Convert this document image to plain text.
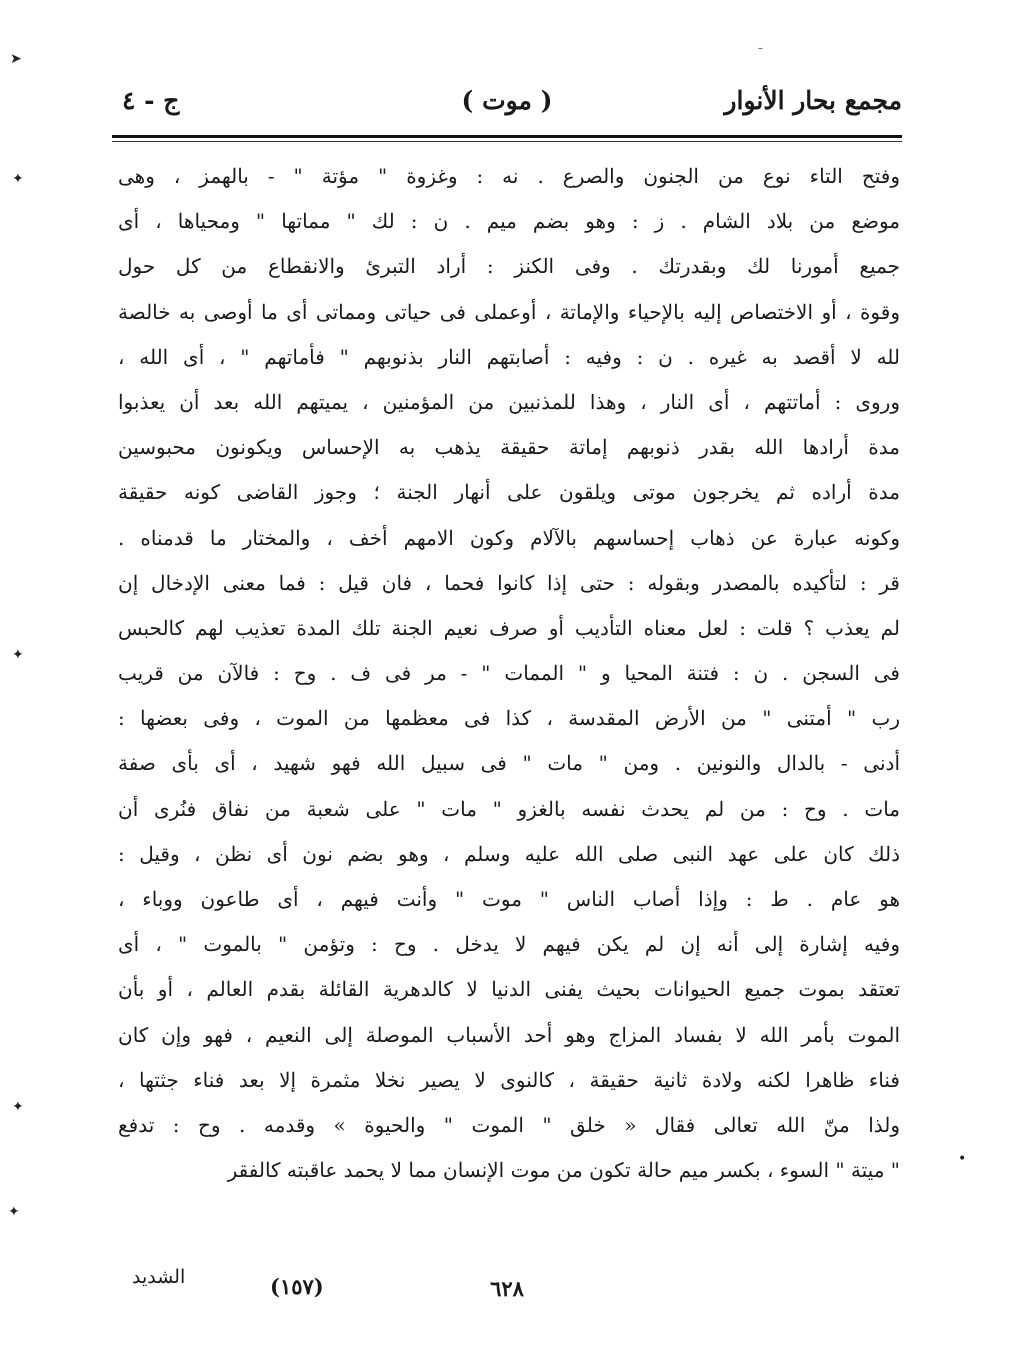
مجمع بحار الأنوار
( موت )
ج - ٤
وفتح التاء نوع من الجنون والصرع . نه : وغزوة " مؤتة " - بالهمز ، وهى
موضع من بلاد الشام . ز : وهو بضم ميم . ن : لك " مماتها " ومحياها ، أى
جميع أمورنا لك وبقدرتك . وفى الكنز : أراد التبرئ والانقطاع من كل حول
وقوة ، أو الاختصاص إليه بالإحياء والإماتة ، أوعملى فى حياتى ومماتى أى ما أوصى به خالصة
لله لا أقصد به غيره . ن : وفيه : أصابتهم النار بذنوبهم " فأماتهم " ، أى الله ،
وروى : أماتتهم ، أى النار ، وهذا للمذنبين من المؤمنين ، يميتهم الله بعد أن يعذبوا
مدة أرادها الله بقدر ذنوبهم إماتة حقيقة يذهب به الإحساس ويكونون محبوسين
مدة أراده ثم يخرجون موتى ويلقون على أنهار الجنة ؛ وجوز القاضى كونه حقيقة
وكونه عبارة عن ذهاب إحساسهم بالآلام وكون الامهم أخف ، والمختار ما قدمناه .
قر : لتأكيده بالمصدر وبقوله : حتى إذا كانوا فحما ، فان قيل : فما معنى الإدخال إن
لم يعذب ؟ قلت : لعل معناه التأديب أو صرف نعيم الجنة تلك المدة تعذيب لهم كالحبس
فى السجن . ن : فتنة المحيا و " الممات " - مر فى ف . وح : فالآن من قريب
رب " أمتنى " من الأرض المقدسة ، كذا فى معظمها من الموت ، وفى بعضها :
أدنى - بالدال والنونين . ومن " مات " فى سبيل الله فهو شهيد ، أى بأى صفة
مات . وح : من لم يحدث نفسه بالغزو " مات " على شعبة من نفاق فنُرى أن
ذلك كان على عهد النبى صلى الله عليه وسلم ، وهو بضم نون أى نظن ، وقيل :
هو عام . ط : وإذا أصاب الناس " موت " وأنت فيهم ، أى طاعون ووباء ،
وفيه إشارة إلى أنه إن لم يكن فيهم لا يدخل . وح : وتؤمن " بالموت " ، أى
تعتقد بموت جميع الحيوانات بحيث يفنى الدنيا لا كالدهرية القائلة بقدم العالم ، أو بأن
الموت بأمر الله لا بفساد المزاج وهو أحد الأسباب الموصلة إلى النعيم ، فهو وإن كان
فناء ظاهرا لكنه ولادة ثانية حقيقة ، كالنوى لا يصير نخلا مثمرة إلا بعد فناء جثتها ،
ولذا منّ الله تعالى فقال « خلق " الموت " والحيوة » وقدمه . وح : تدفع
" ميتة " السوء ، بكسر ميم حالة تكون من موت الإنسان مما لا يحمد عاقبته كالفقر
الشديد	(١٥٧)	٦٢٨
➤
✦
✦
✦
✦
•
–
